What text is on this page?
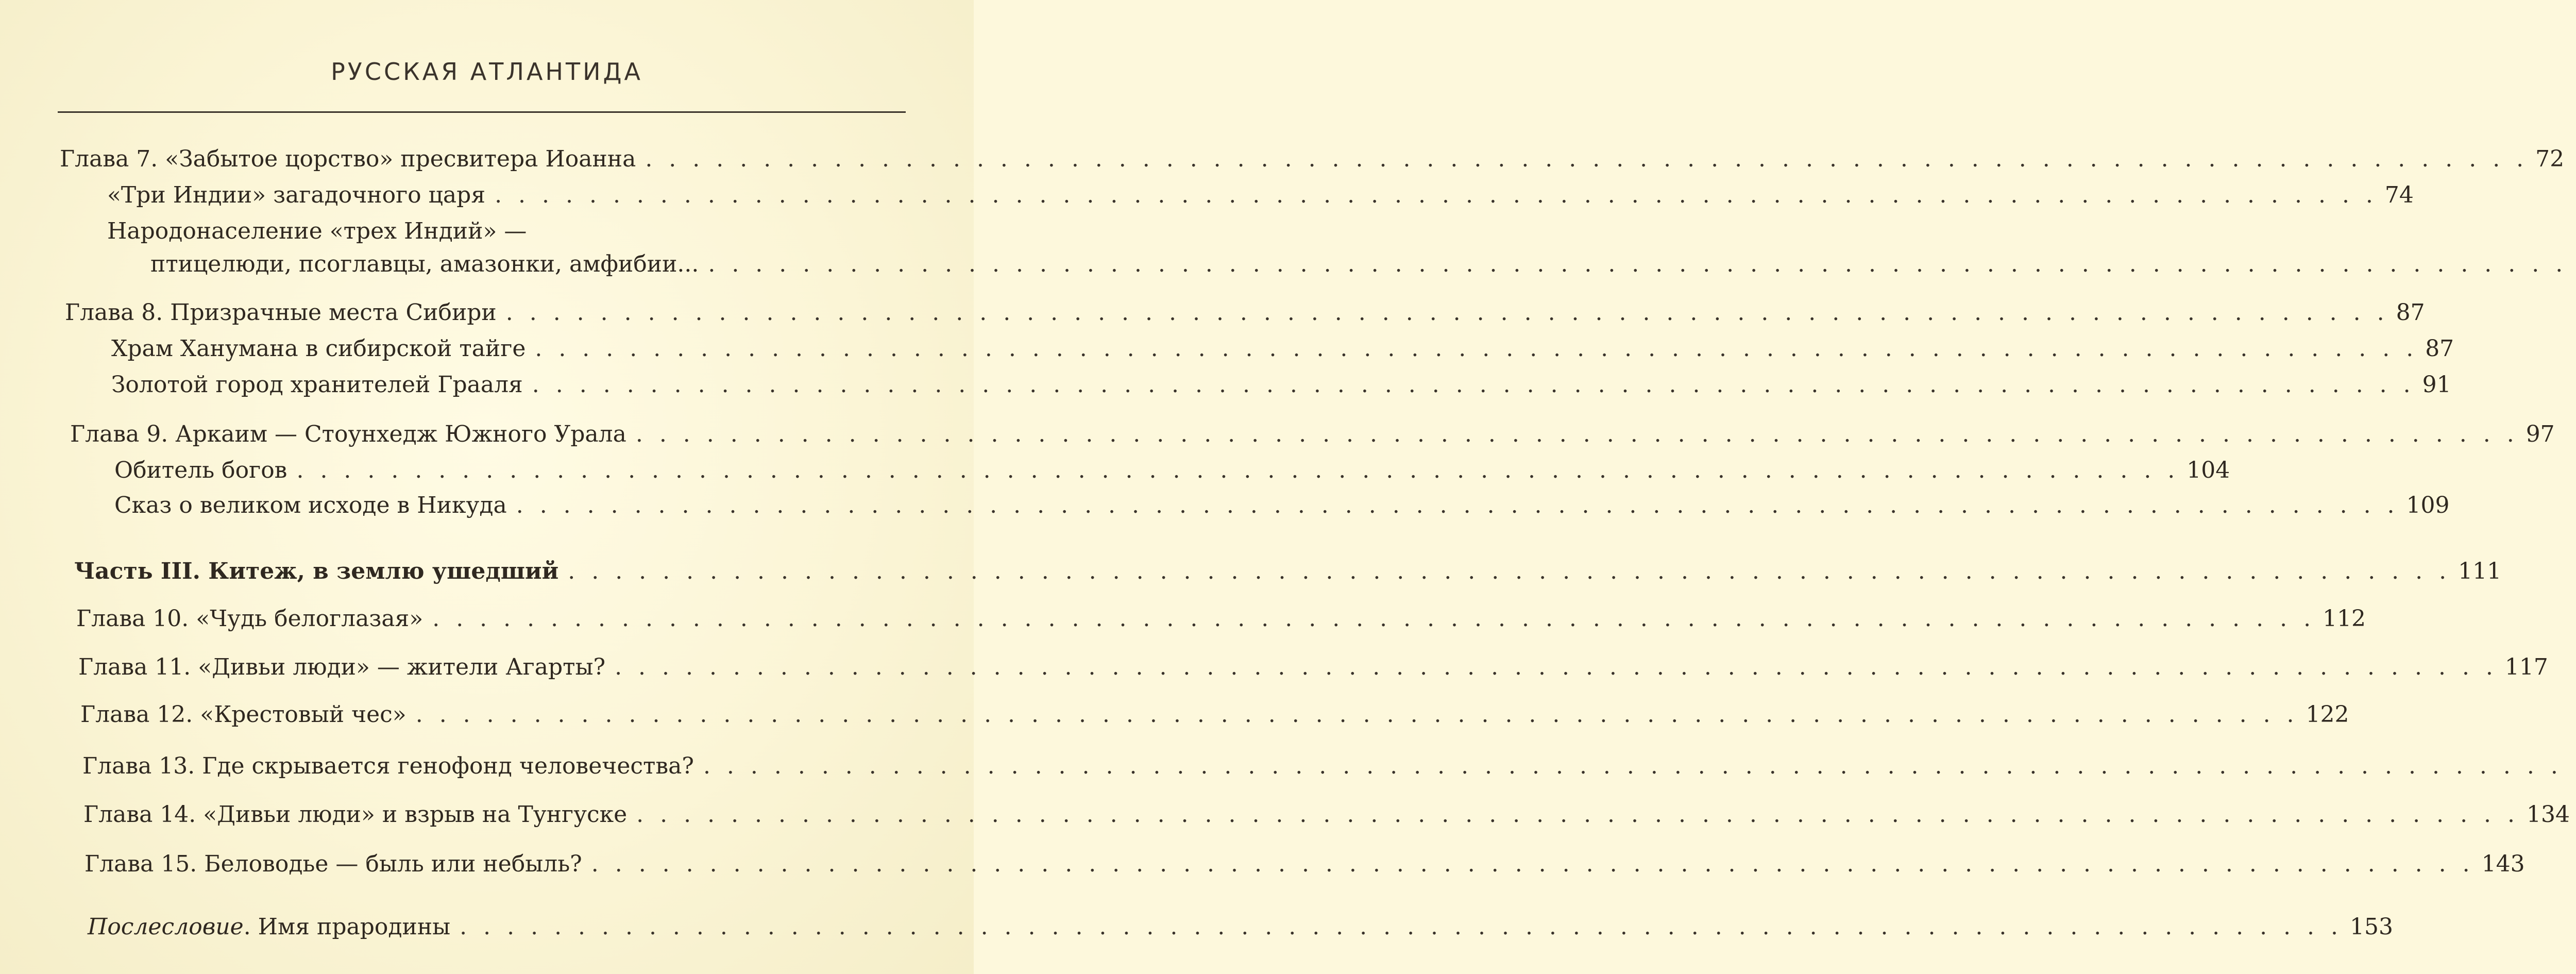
РУССКАЯ АТЛАНТИДА
Глава 7. «Забытое цорство» пресвитера Иоанна . . .	72
«Три Индии» загадочного царя . . .	74
Народонаселение «трех Индий» —
птицелюди, псоглавцы, амазонки, амфибии...
. . .
Глава 8. Призрачные места Сибири . . .	87
Храм Ханумана в сибирской тайге . . .	87
Золотой город хранителей Грааля . . .	91
Глава 9. Аркаим — Стоунхедж Южного Урала . . .	97
Обитель богов . . .	104
Сказ о великом исходе в Никуда . . .	109
Часть III. Китеж, в землю ушедший . . .	111
Глава 10. «Чудь белоглазая» . . .	112
Глава 11. «Дивьи люди» — жители Агарты? . . .	117
Глава 12. «Крестовый чес» . . .	122
Глава 13. Где скрывается генофонд человечества?
. . .
Глава 14. «Дивьи люди» и взрыв на Тунгуске . . .	134
Глава 15. Беловодье — быль или небыль? . . .	143
Послесловие. Имя прародины . . .	153
